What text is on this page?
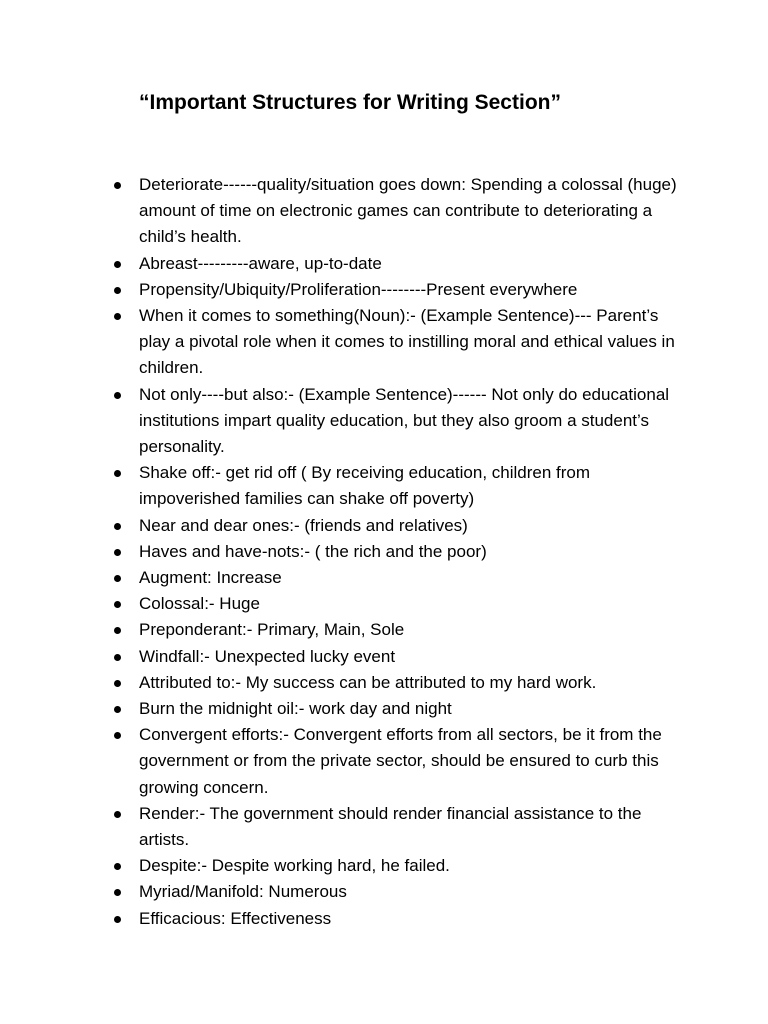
“Important Structures for Writing Section”
Deteriorate------quality/situation goes down: Spending a colossal (huge) amount of time on electronic games can contribute to deteriorating a child’s health.
Abreast---------aware, up-to-date
Propensity/Ubiquity/Proliferation--------Present everywhere
When it comes to something(Noun):- (Example Sentence)--- Parent’s play a pivotal role when it comes to instilling moral and ethical values in children.
Not only----but also:- (Example Sentence)------ Not only do educational institutions impart quality education, but they also groom a student’s personality.
Shake off:- get rid off ( By receiving education, children from impoverished families can shake off poverty)
Near and dear ones:- (friends and relatives)
Haves and have-nots:- ( the rich and the poor)
Augment: Increase
Colossal:- Huge
Preponderant:- Primary, Main, Sole
Windfall:- Unexpected lucky event
Attributed to:- My success can be attributed to my hard work.
Burn the midnight oil:- work day and night
Convergent efforts:- Convergent efforts from all sectors, be it from the government or from the private sector, should be ensured to curb this growing concern.
Render:- The government should render financial assistance to the artists.
Despite:- Despite working hard, he failed.
Myriad/Manifold: Numerous
Efficacious: Effectiveness
